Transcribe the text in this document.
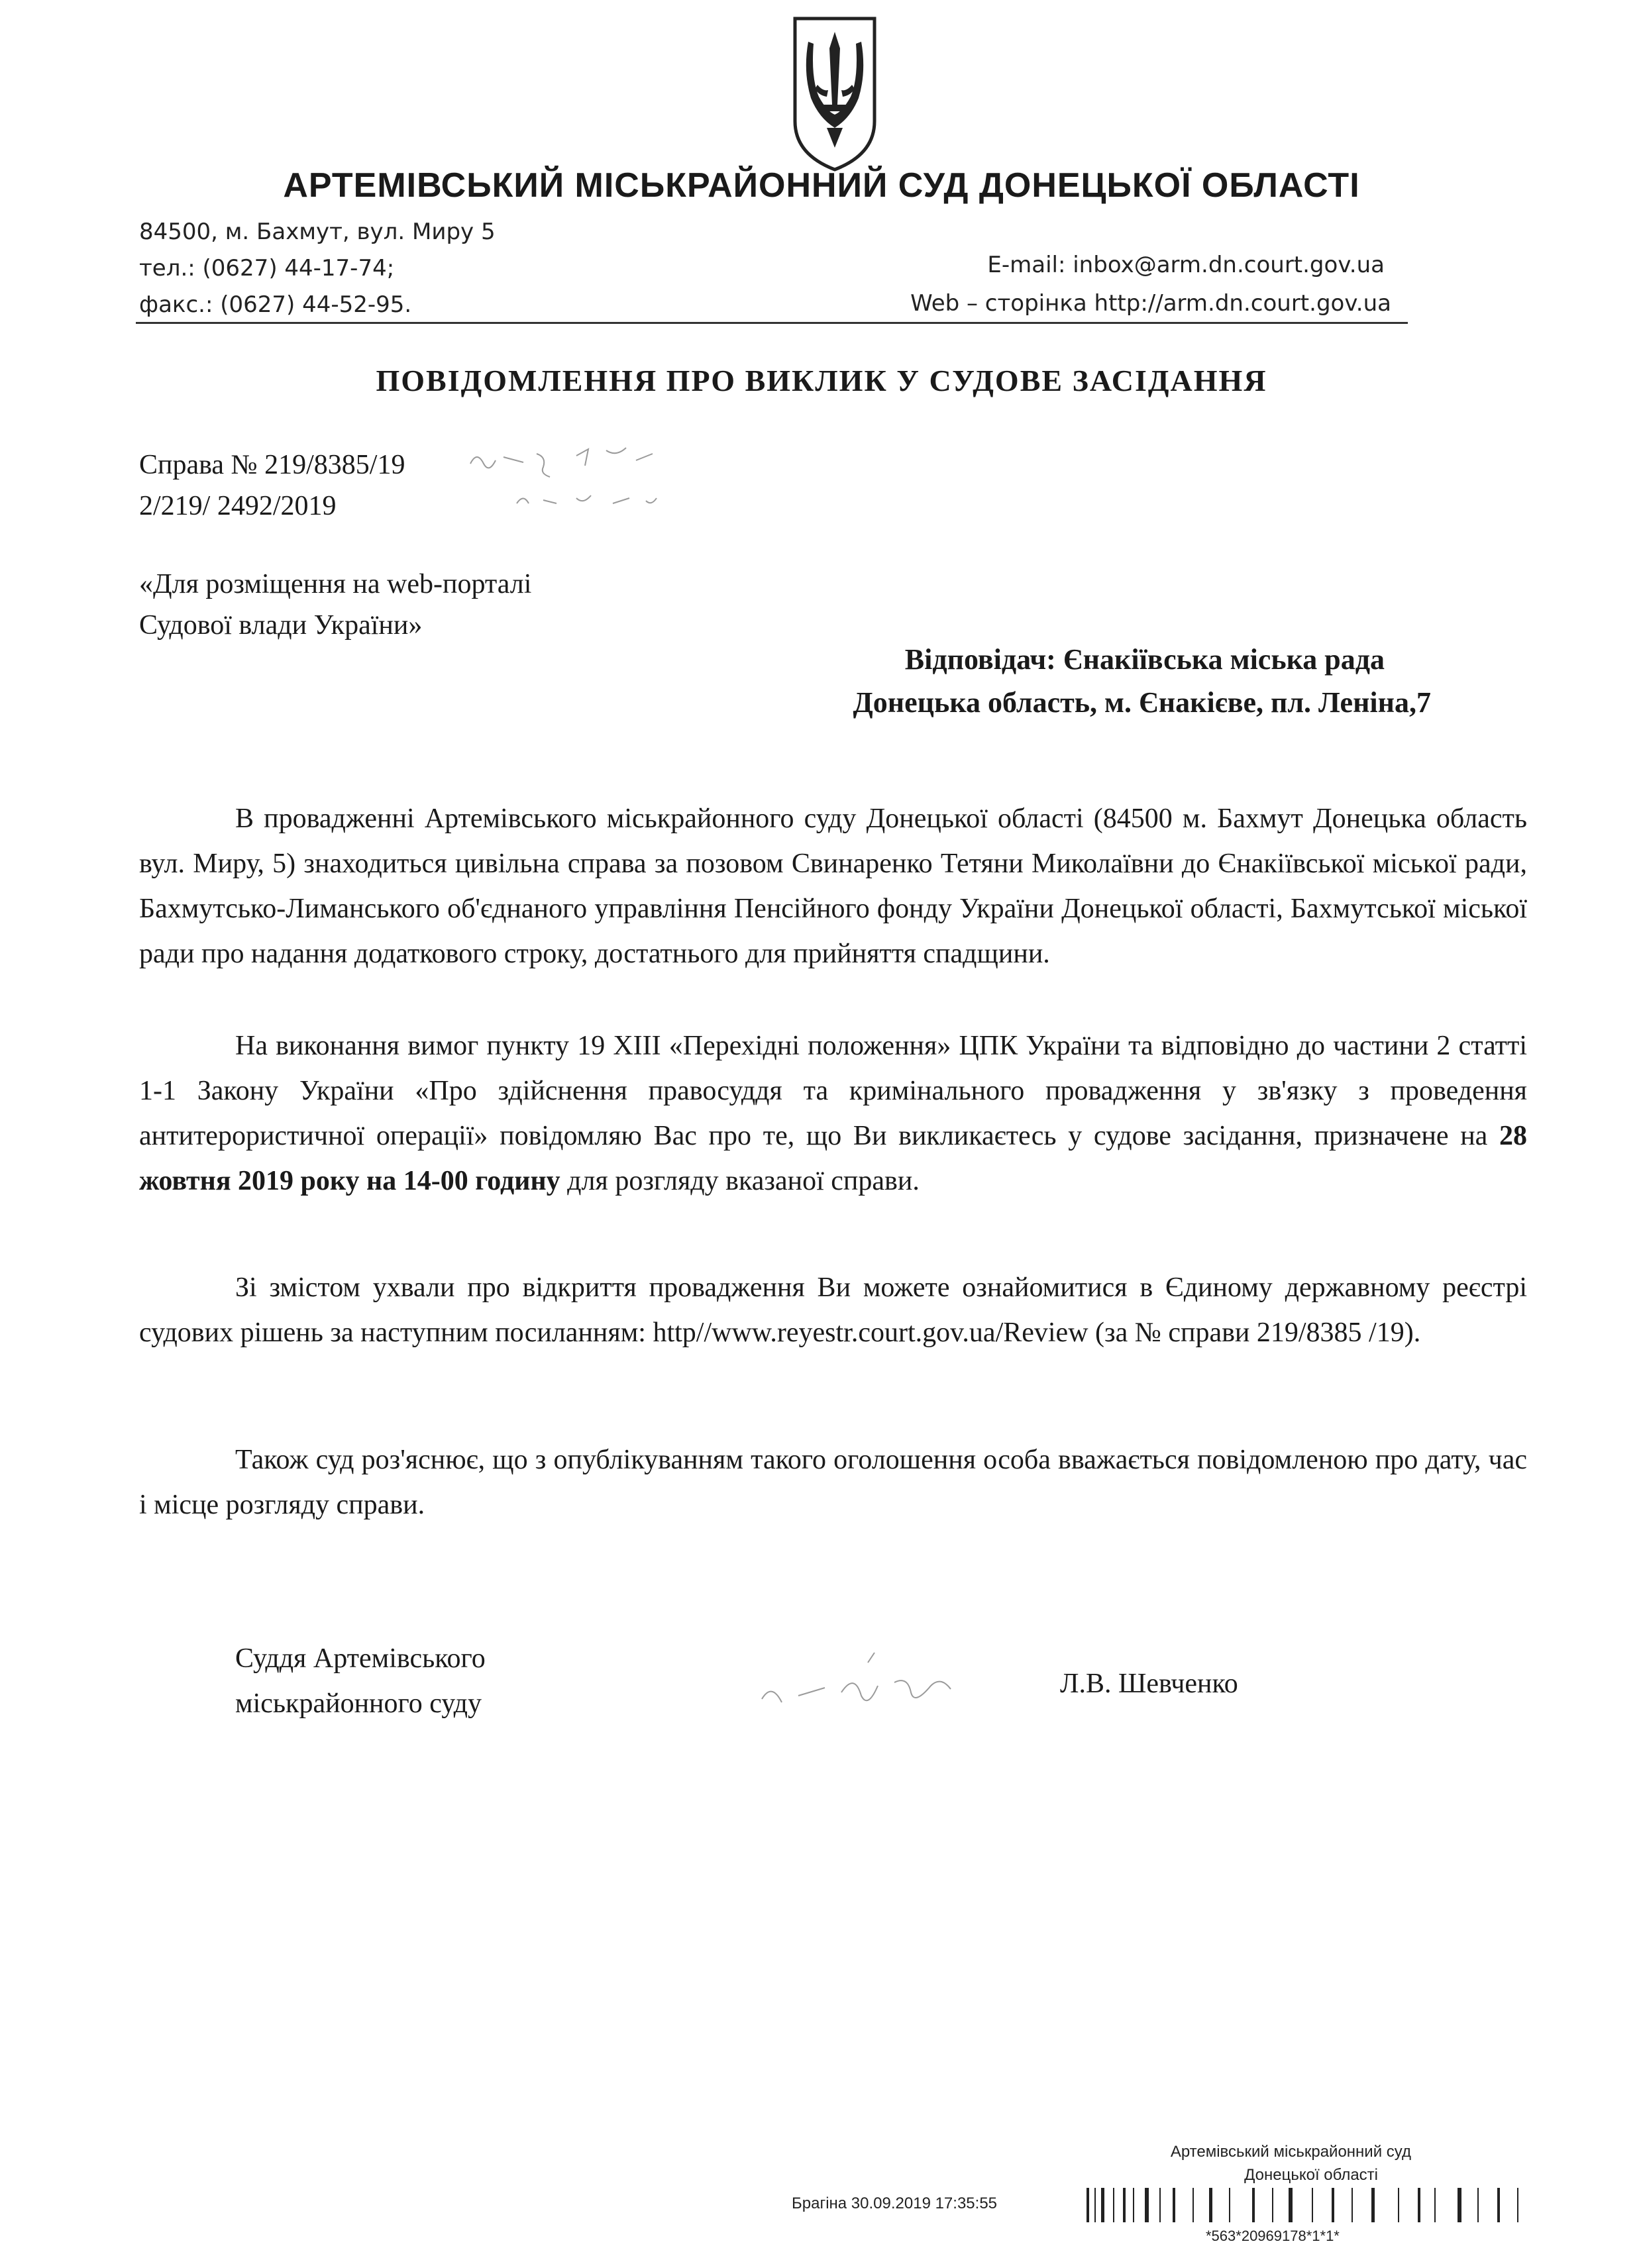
АРТЕМІВСЬКИЙ МІСЬКРАЙОННИЙ СУД ДОНЕЦЬКОЇ ОБЛАСТІ
84500, м. Бахмут, вул. Миру 5
тел.: (0627) 44-17-74;
факс.: (0627) 44-52-95.
E-mail: inbox@arm.dn.court.gov.ua
Web – сторінка http://arm.dn.court.gov.ua
ПОВІДОМЛЕННЯ ПРО ВИКЛИК У СУДОВЕ ЗАСІДАННЯ
Справа № 219/8385/19
2/219/ 2492/2019
«Для розміщення на web-порталі
Судової влади України»
Відповідач: Єнакіївська міська рада
Донецька область, м. Єнакієве, пл. Леніна,7

В провадженні Артемівського міськрайонного суду Донецької області (84500 м. Бахмут Донецька область вул. Миру, 5) знаходиться цивільна справа за позовом Свинаренко Тетяни Миколаївни до Єнакіївської міської ради, Бахмутсько-Лиманського об'єднаного управління Пенсійного фонду України Донецької області, Бахмутської міської ради про надання додаткового строку, достатнього для прийняття спадщини.

На виконання вимог пункту 19 XIII «Перехідні положення» ЦПК України та відповідно до частини 2 статті 1-1 Закону України «Про здійснення правосуддя та кримінального провадження у зв'язку з проведення антитерористичної операції» повідомляю Вас про те, що Ви викликаєтесь у судове засідання, призначене на 28 жовтня 2019 року на 14-00 годину для розгляду вказаної справи.

Зі змістом ухвали про відкриття провадження Ви можете ознайомитися в Єдиному державному реєстрі судових рішень за наступним посиланням: http//www.reyestr.court.gov.ua/Review (за № справи 219/8385 /19).

Також суд роз'яснює, що з опублікуванням такого оголошення особа вважається повідомленою про дату, час і місце розгляду справи.

Суддя Артемівського
міськрайонного суду
Л.В. Шевченко
Артемівський міськрайонний суд
Донецької області
Брагіна 30.09.2019 17:35:55
*563*20969178*1*1*
